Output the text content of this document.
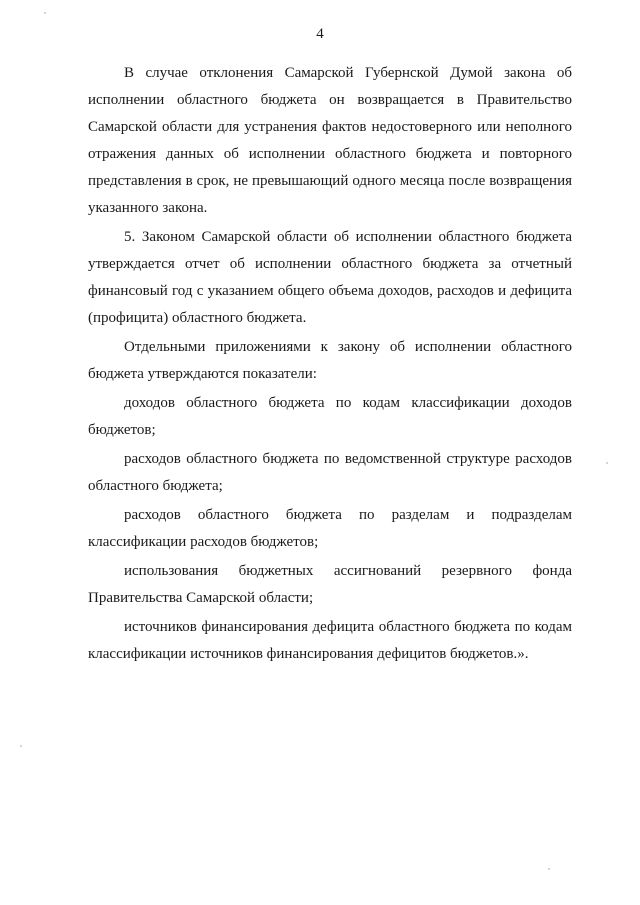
4

В случае отклонения Самарской Губернской Думой закона об исполнении областного бюджета он возвращается в Правительство Самарской области для устранения фактов недостоверного или неполного отражения данных об исполнении областного бюджета и повторного представления в срок, не превышающий одного месяца после возвращения указанного закона.

5. Законом Самарской области об исполнении областного бюджета утверждается отчет об исполнении областного бюджета за отчетный финансовый год с указанием общего объема доходов, расходов и дефицита (профицита) областного бюджета.

Отдельными приложениями к закону об исполнении областного бюджета утверждаются показатели:

доходов областного бюджета по кодам классификации доходов бюджетов;

расходов областного бюджета по ведомственной структуре расходов областного бюджета;

расходов областного бюджета по разделам и подразделам классификации расходов бюджетов;

использования бюджетных ассигнований резервного фонда Правительства Самарской области;

источников финансирования дефицита областного бюджета по кодам классификации источников финансирования дефицитов бюджетов.».
